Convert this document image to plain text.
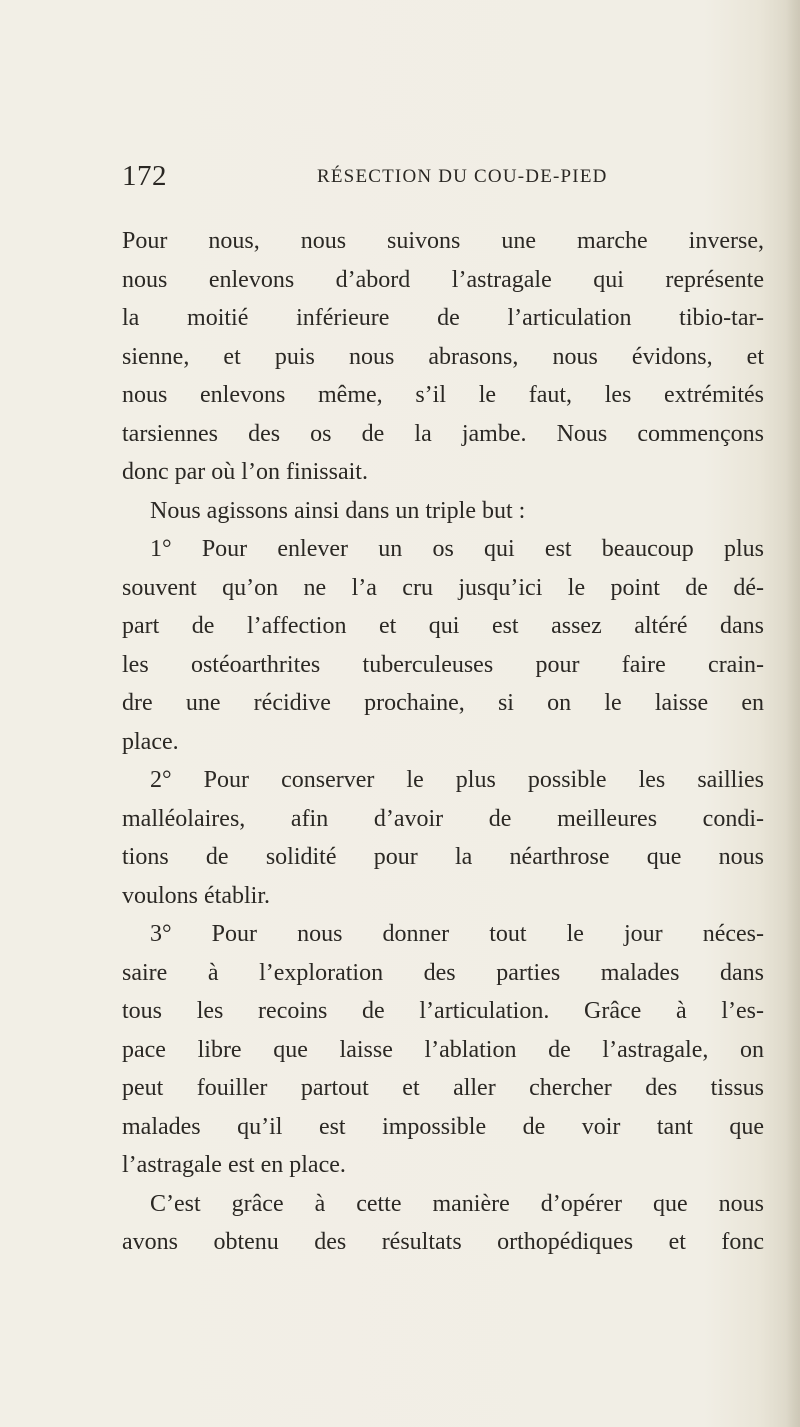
172	RÉSECTION DU COU-DE-PIED
Pour nous, nous suivons une marche inverse,
nous enlevons d’abord l’astragale qui représente
la moitié inférieure de l’articulation tibio-tar-
sienne, et puis nous abrasons, nous évidons, et
nous enlevons même, s’il le faut, les extrémités
tarsiennes des os de la jambe. Nous commençons
donc par où l’on finissait.
Nous agissons ainsi dans un triple but :
1° Pour enlever un os qui est beaucoup plus
souvent qu’on ne l’a cru jusqu’ici le point de dé-
part de l’affection et qui est assez altéré dans
les ostéoarthrites tuberculeuses pour faire crain-
dre une récidive prochaine, si on le laisse en
place.
2° Pour conserver le plus possible les saillies
malléolaires, afin d’avoir de meilleures condi-
tions de solidité pour la néarthrose que nous
voulons établir.
3° Pour nous donner tout le jour néces-
saire à l’exploration des parties malades dans
tous les recoins de l’articulation. Grâce à l’es-
pace libre que laisse l’ablation de l’astragale, on
peut fouiller partout et aller chercher des tissus
malades qu’il est impossible de voir tant que
l’astragale est en place.
C’est grâce à cette manière d’opérer que nous
avons obtenu des résultats orthopédiques et fonc
